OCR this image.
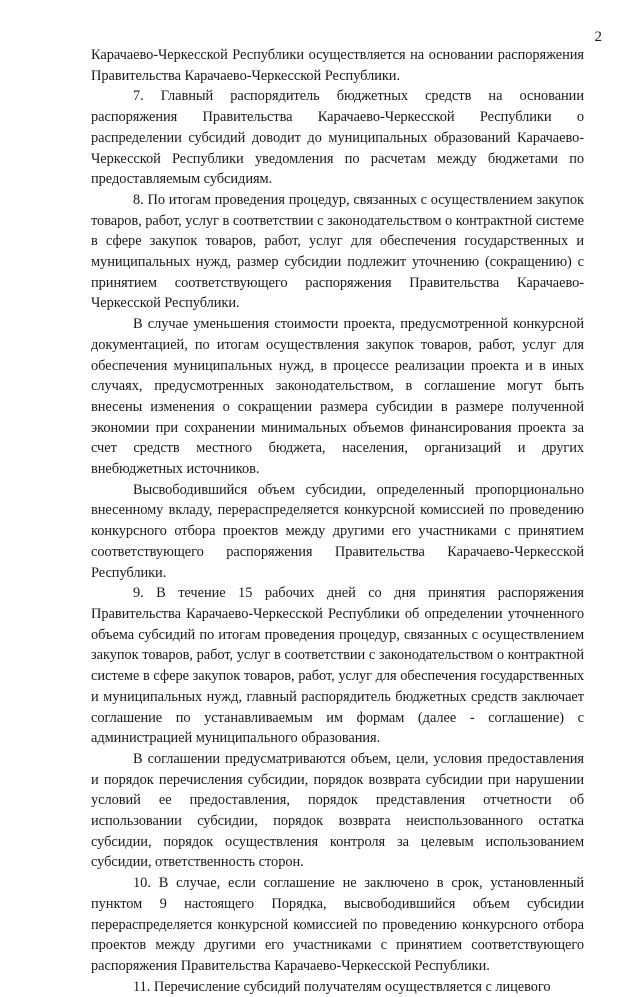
2

Карачаево-Черкесской Республики осуществляется на основании распоряжения Правительства Карачаево-Черкесской Республики.

7. Главный распорядитель бюджетных средств на основании распоряжения Правительства Карачаево-Черкесской Республики о распределении субсидий доводит до муниципальных образований Карачаево-Черкесской Республики уведомления по расчетам между бюджетами по предоставляемым субсидиям.

8. По итогам проведения процедур, связанных с осуществлением закупок товаров, работ, услуг в соответствии с законодательством о контрактной системе в сфере закупок товаров, работ, услуг для обеспечения государственных и муниципальных нужд, размер субсидии подлежит уточнению (сокращению) с принятием соответствующего распоряжения Правительства Карачаево-Черкесской Республики.

В случае уменьшения стоимости проекта, предусмотренной конкурсной документацией, по итогам осуществления закупок товаров, работ, услуг для обеспечения муниципальных нужд, в процессе реализации проекта и в иных случаях, предусмотренных законодательством, в соглашение могут быть внесены изменения о сокращении размера субсидии в размере полученной экономии при сохранении минимальных объемов финансирования проекта за счет средств местного бюджета, населения, организаций и других внебюджетных источников.

Высвободившийся объем субсидии, определенный пропорционально внесенному вкладу, перераспределяется конкурсной комиссией по проведению конкурсного отбора проектов между другими его участниками с принятием соответствующего распоряжения Правительства Карачаево-Черкесской Республики.

9. В течение 15 рабочих дней со дня принятия распоряжения Правительства Карачаево-Черкесской Республики об определении уточненного объема субсидий по итогам проведения процедур, связанных с осуществлением закупок товаров, работ, услуг в соответствии с законодательством о контрактной системе в сфере закупок товаров, работ, услуг для обеспечения государственных и муниципальных нужд, главный распорядитель бюджетных средств заключает соглашение по устанавливаемым им формам (далее - соглашение) с администрацией муниципального образования.

В соглашении предусматриваются объем, цели, условия предоставления и порядок перечисления субсидии, порядок возврата субсидии при нарушении условий ее предоставления, порядок представления отчетности об использовании субсидии, порядок возврата неиспользованного остатка субсидии, порядок осуществления контроля за целевым использованием субсидии, ответственность сторон.

10. В случае, если соглашение не заключено в срок, установленный пунктом 9 настоящего Порядка, высвободившийся объем субсидии перераспределяется конкурсной комиссией по проведению конкурсного отбора проектов между другими его участниками с принятием соответствующего распоряжения Правительства Карачаево-Черкесской Республики.

11. Перечисление субсидий получателям осуществляется с лицевого
